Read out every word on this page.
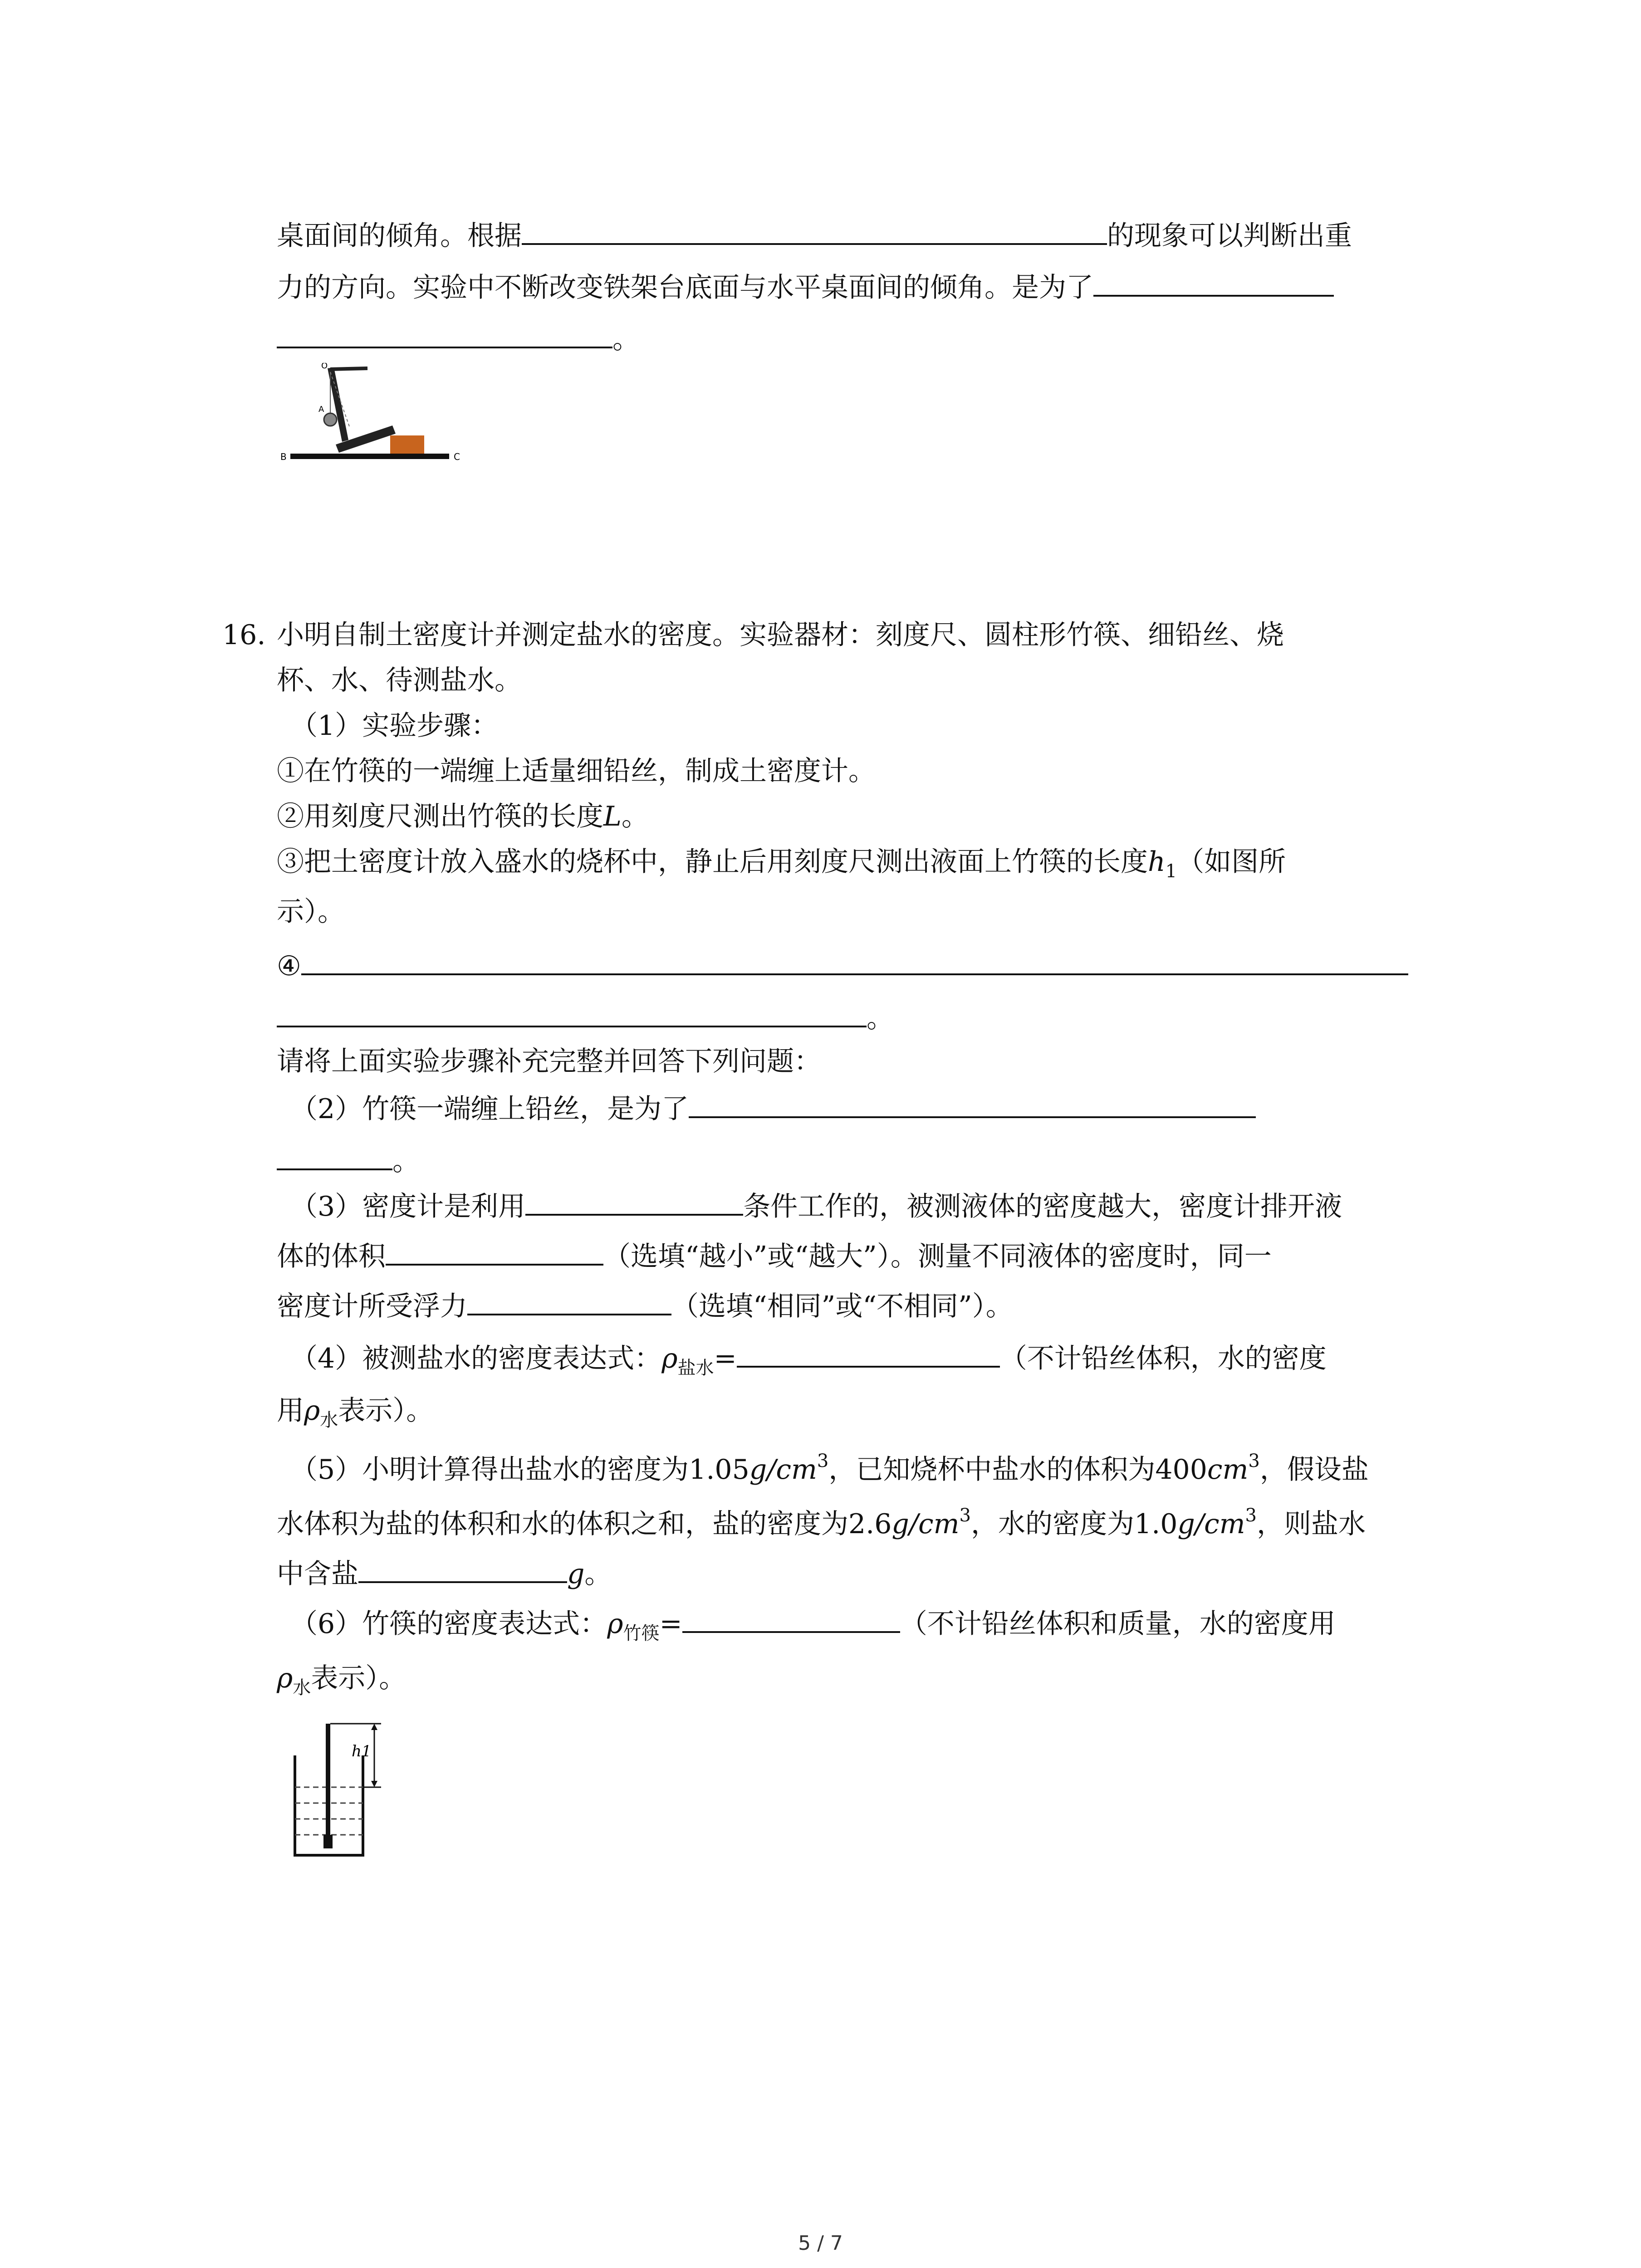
桌面间的倾角。根据	的现象可以判断出重
力的方向。实验中不断改变铁架台底面与水平桌面间的倾角。是为了
。
B	C
O
A
16. 小明自制土密度计并测定盐水的密度。实验器材：刻度尺、圆柱形竹筷、细铅丝、烧
杯、水、待测盐水。
（1）实验步骤：
①在竹筷的一端缠上适量细铅丝，制成土密度计。
②用刻度尺测出竹筷的长度L。
③把土密度计放入盛水的烧杯中，静止后用刻度尺测出液面上竹筷的长度$h_1$（如图所
示）。
④
。
请将上面实验步骤补充完整并回答下列问题：
（2）竹筷一端缠上铅丝，是为了
。
（3）密度计是利用	条件工作的，被测液体的密度越大，密度计排开液
体的体积	（选填“越小”或“越大”）。测量不同液体的密度时，同一
密度计所受浮力	（选填“相同”或“不相同”）。
（4）被测盐水的密度表达式：$\rho_{盐水}=$	（不计铅丝体积，水的密度
用$\rho_水$表示）。
（5）小明计算得出盐水的密度为$1.05g/cm^3$，已知烧杯中盐水的体积为$400cm^3$，假设盐
水体积为盐的体积和水的体积之和，盐的密度为$2.6g/cm^3$，水的密度为$1.0g/cm^3$，则盐水
中含盐	g。
（6）竹筷的密度表达式：$\rho_{竹筷}=$	（不计铅丝体积和质量，水的密度用
$\rho_水$表示）。
h1
5 / 7
